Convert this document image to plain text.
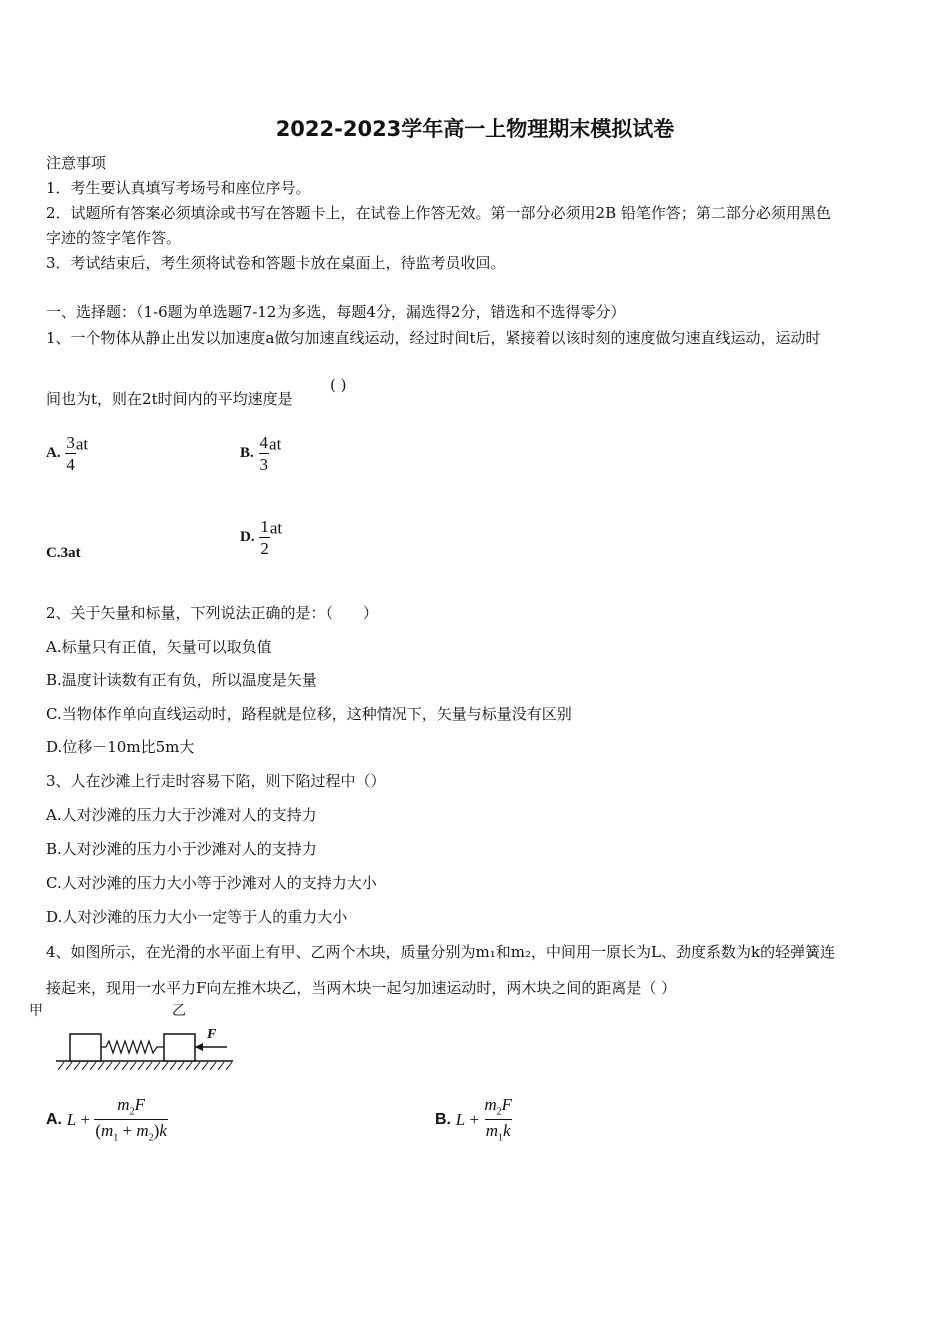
2022-2023学年高一上物理期末模拟试卷
注意事项
1．考生要认真填写考场号和座位序号。
2．试题所有答案必须填涂或书写在答题卡上，在试卷上作答无效。第一部分必须用2B 铅笔作答；第二部分必须用黑色
字迹的签字笔作答。
3．考试结束后，考生须将试卷和答题卡放在桌面上，待监考员收回。
一、选择题：（1-6题为单选题7-12为多选，每题4分，漏选得2分，错选和不选得零分）
1、一个物体从静止出发以加速度a做匀加速直线运动，经过时间t后，紧接着以该时刻的速度做匀速直线运动，运动时
间也为t，则在2t时间内的平均速度是
( )
A. $\frac{3}{4}$ at	B. $\frac{4}{3}$ at
C.3at
D. $\frac{1}{2}$ at
2、关于矢量和标量，下列说法正确的是：（　　）
A.标量只有正值，矢量可以取负值
B.温度计读数有正有负，所以温度是矢量
C.当物体作单向直线运动时，路程就是位移，这种情况下，矢量与标量没有区别
D.位移－10m比5m大
3、人在沙滩上行走时容易下陷，则下陷过程中（）
A.人对沙滩的压力大于沙滩对人的支持力
B.人对沙滩的压力小于沙滩对人的支持力
C.人对沙滩的压力大小等于沙滩对人的支持力大小
D.人对沙滩的压力大小一定等于人的重力大小
4、如图所示，在光滑的水平面上有甲、乙两个木块，质量分别为m₁和m₂，中间用一原长为L、劲度系数为k的轻弹簧连
接起来，现用一水平力F向左推木块乙，当两木块一起匀加速运动时，两木块之间的距离是（ ）
甲	乙
F
A. $L + \frac{m_2F}{(m_1 + m_2)k}$	B. $L + \frac{m_2F}{m_1k}$
